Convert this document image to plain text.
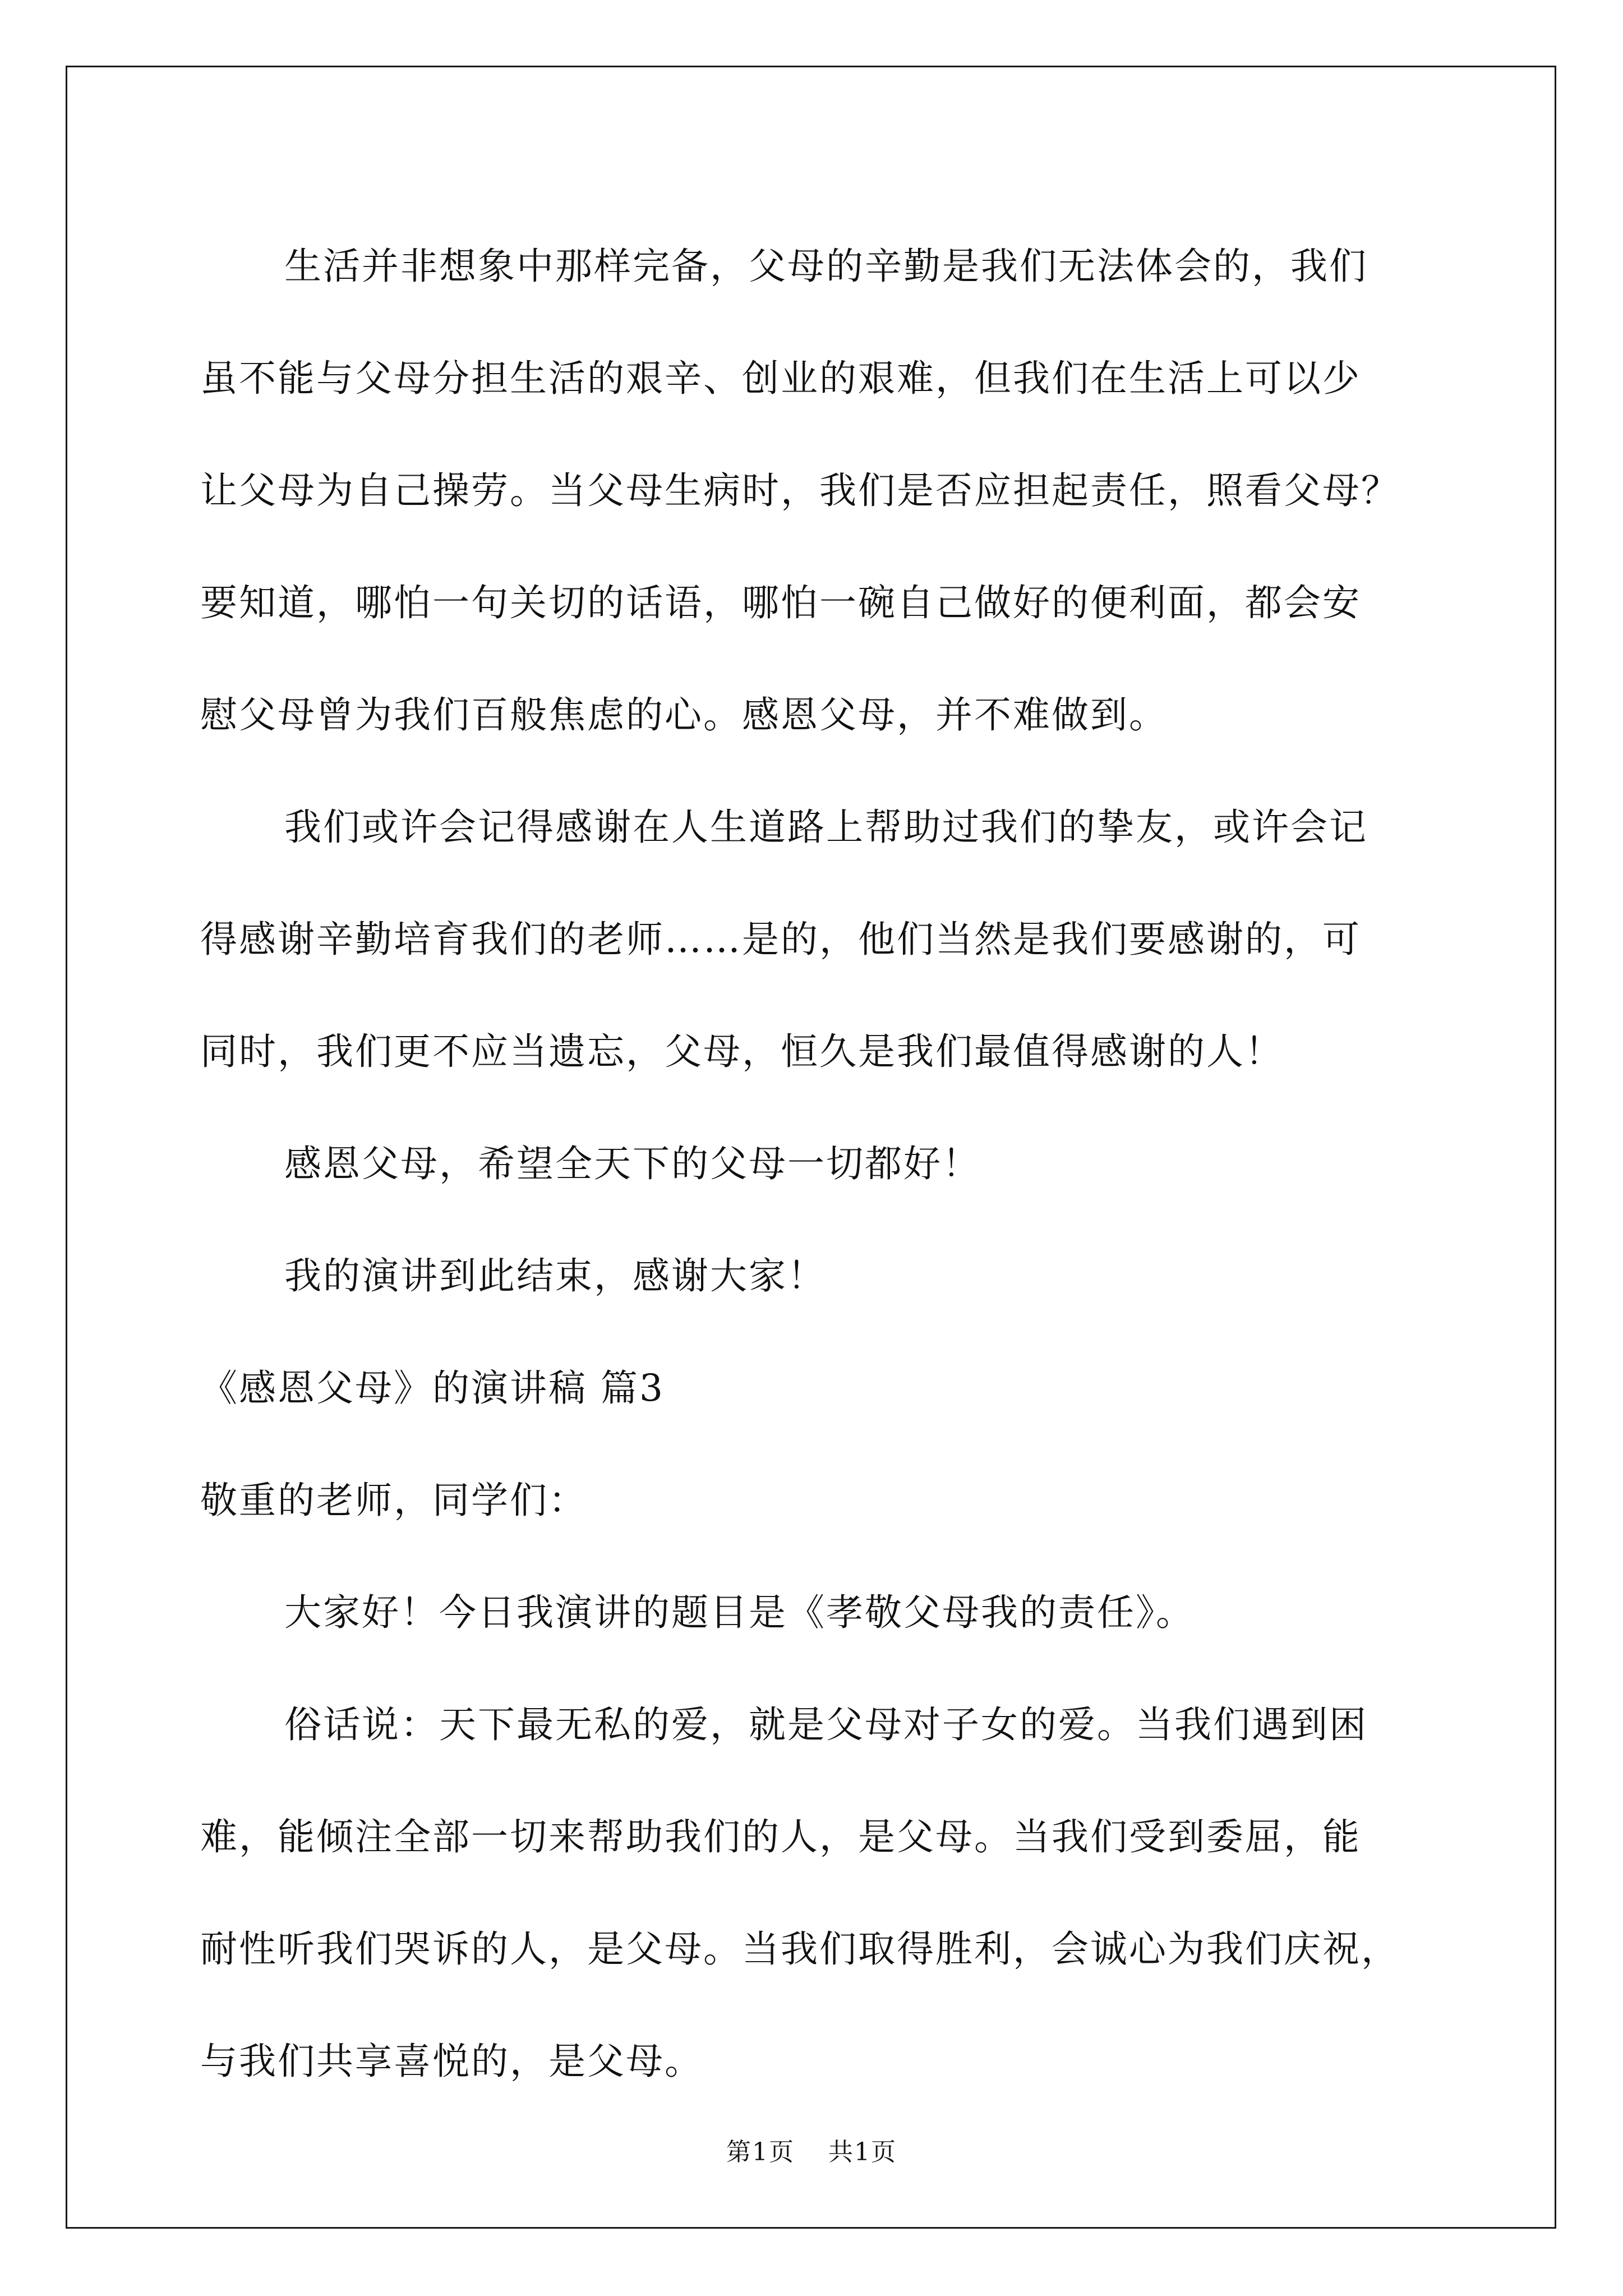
生活并非想象中那样完备，父母的辛勤是我们无法体会的，我们
虽不能与父母分担生活的艰辛、创业的艰难，但我们在生活上可以少
让父母为自己操劳。当父母生病时，我们是否应担起责任，照看父母？
要知道，哪怕一句关切的话语，哪怕一碗自己做好的便利面，都会安
慰父母曾为我们百般焦虑的心。感恩父母，并不难做到。
我们或许会记得感谢在人生道路上帮助过我们的挚友，或许会记
得感谢辛勤培育我们的老师……是的，他们当然是我们要感谢的，可
同时，我们更不应当遗忘，父母，恒久是我们最值得感谢的人！
感恩父母，希望全天下的父母一切都好！
我的演讲到此结束，感谢大家！
《感恩父母》的演讲稿 篇3
敬重的老师，同学们：
大家好！今日我演讲的题目是《孝敬父母我的责任》。
俗话说：天下最无私的爱，就是父母对子女的爱。当我们遇到困
难，能倾注全部一切来帮助我们的人，是父母。当我们受到委屈，能
耐性听我们哭诉的人，是父母。当我们取得胜利，会诚心为我们庆祝，
与我们共享喜悦的，是父母。
第1页 共1页
